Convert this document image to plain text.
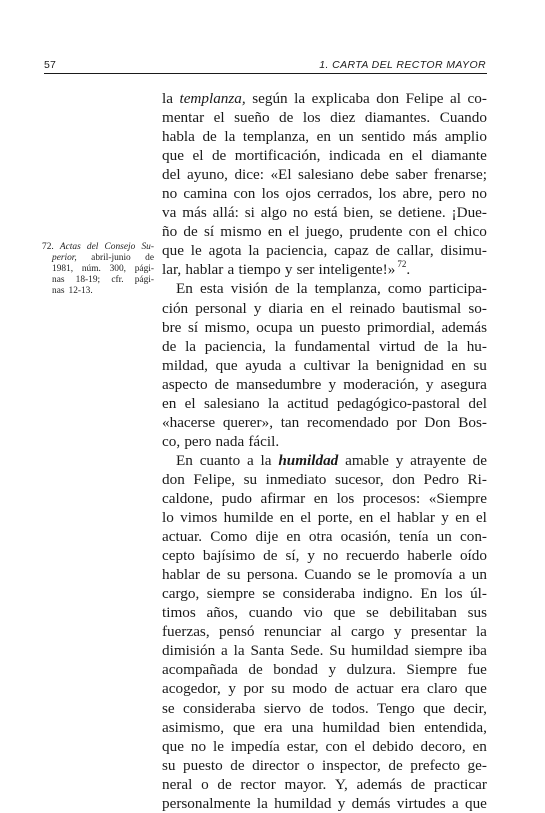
57	1. CARTA DEL RECTOR MAYOR
72. Actas del Consejo Su-
perior, abril-junio de
1981, núm. 300, pági-
nas 18-19; cfr. pági-
nas 12-13.
la templanza, según la explicaba don Felipe al co-
mentar el sueño de los diez diamantes. Cuando
habla de la templanza, en un sentido más amplio
que el de mortificación, indicada en el diamante
del ayuno, dice: «El salesiano debe saber frenarse;
no camina con los ojos cerrados, los abre, pero no
va más allá: si algo no está bien, se detiene. ¡Due-
ño de sí mismo en el juego, prudente con el chico
que le agota la paciencia, capaz de callar, disimu-
lar, hablar a tiempo y ser inteligente!» 72 .
En esta visión de la templanza, como participa-
ción personal y diaria en el reinado bautismal so-
bre sí mismo, ocupa un puesto primordial, además
de la paciencia, la fundamental virtud de la hu-
mildad, que ayuda a cultivar la benignidad en su
aspecto de mansedumbre y moderación, y asegura
en el salesiano la actitud pedagógico-pastoral del
«hacerse querer», tan recomendado por Don Bos-
co, pero nada fácil.
En cuanto a la humildad amable y atrayente de
don Felipe, su inmediato sucesor, don Pedro Ri-
caldone, pudo afirmar en los procesos: «Siempre
lo vimos humilde en el porte, en el hablar y en el
actuar. Como dije en otra ocasión, tenía un con-
cepto bajísimo de sí, y no recuerdo haberle oído
hablar de su persona. Cuando se le promovía a un
cargo, siempre se consideraba indigno. En los úl-
timos años, cuando vio que se debilitaban sus
fuerzas, pensó renunciar al cargo y presentar la
dimisión a la Santa Sede. Su humildad siempre iba
acompañada de bondad y dulzura. Siempre fue
acogedor, y por su modo de actuar era claro que
se consideraba siervo de todos. Tengo que decir,
asimismo, que era una humildad bien entendida,
que no le impedía estar, con el debido decoro, en
su puesto de director o inspector, de prefecto ge-
neral o de rector mayor. Y, además de practicar
personalmente la humildad y demás virtudes a que
